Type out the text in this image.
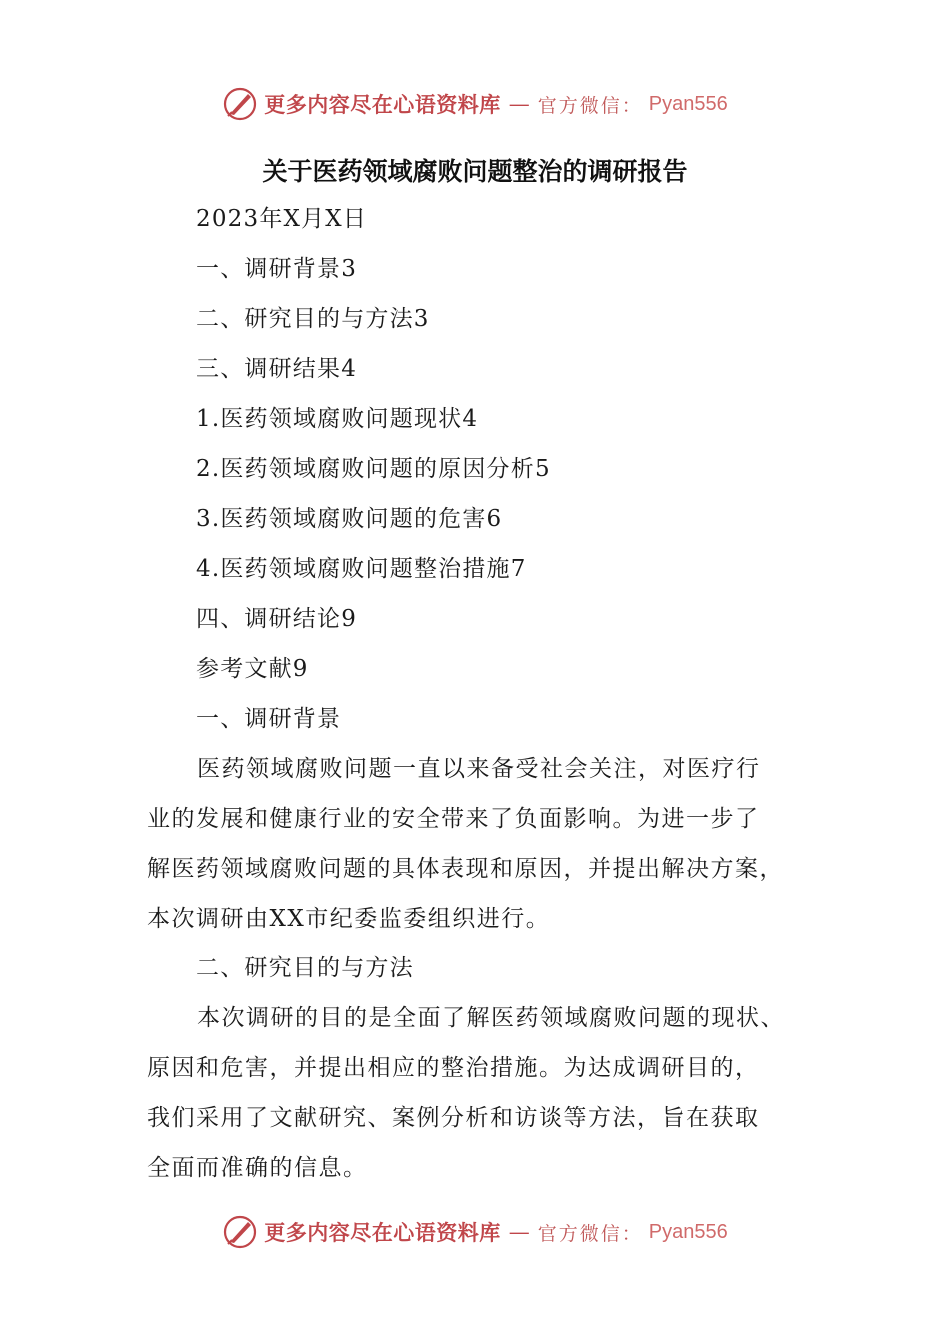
更多内容尽在心语资料库 — 官方微信： Pyan556
关于医药领域腐败问题整治的调研报告
2023年X月X日
一、调研背景3
二、研究目的与方法3
三、调研结果4
1.医药领域腐败问题现状4
2.医药领域腐败问题的原因分析5
3.医药领域腐败问题的危害6
4.医药领域腐败问题整治措施7
四、调研结论9
参考文献9
一、调研背景
医药领域腐败问题一直以来备受社会关注，对医疗行
业的发展和健康行业的安全带来了负面影响。为进一步了
解医药领域腐败问题的具体表现和原因，并提出解决方案，
本次调研由XX市纪委监委组织进行。
二、研究目的与方法
本次调研的目的是全面了解医药领域腐败问题的现状、
原因和危害，并提出相应的整治措施。为达成调研目的，
我们采用了文献研究、案例分析和访谈等方法，旨在获取
全面而准确的信息。
更多内容尽在心语资料库 — 官方微信： Pyan556
